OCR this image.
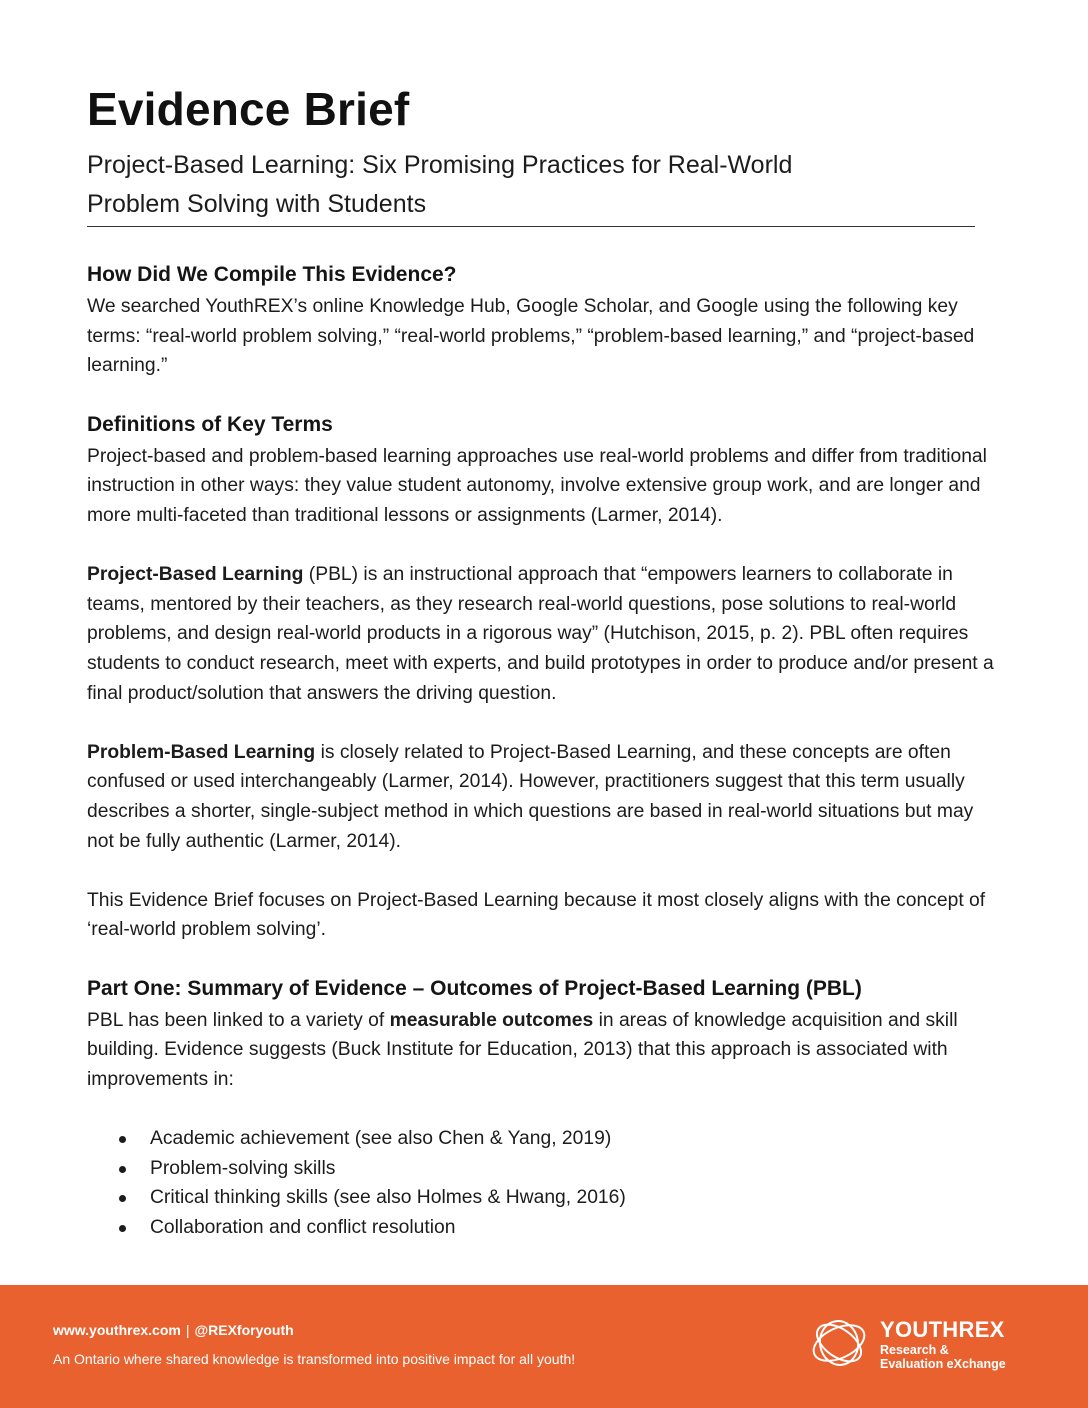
Evidence Brief
Project-Based Learning: Six Promising Practices for Real-World
Problem Solving with Students
How Did We Compile This Evidence?

We searched YouthREX’s online Knowledge Hub, Google Scholar, and Google using the following key terms: “real-world problem solving,” “real-world problems,” “problem-based learning,” and “project-based learning.”

Definitions of Key Terms

Project-based and problem-based learning approaches use real-world problems and differ from traditional instruction in other ways: they value student autonomy, involve extensive group work, and are longer and more multi-faceted than traditional lessons or assignments (Larmer, 2014).

Project-Based Learning (PBL) is an instructional approach that “empowers learners to collaborate in teams, mentored by their teachers, as they research real-world questions, pose solutions to real-world problems, and design real-world products in a rigorous way” (Hutchison, 2015, p. 2). PBL often requires students to conduct research, meet with experts, and build prototypes in order to produce and/or present a final product/solution that answers the driving question.

Problem-Based Learning is closely related to Project-Based Learning, and these concepts are often confused or used interchangeably (Larmer, 2014). However, practitioners suggest that this term usually describes a shorter, single-subject method in which questions are based in real-world situations but may not be fully authentic (Larmer, 2014).

This Evidence Brief focuses on Project-Based Learning because it most closely aligns with the concept of ‘real-world problem solving’.

Part One: Summary of Evidence – Outcomes of Project-Based Learning (PBL)

PBL has been linked to a variety of measurable outcomes in areas of knowledge acquisition and skill building. Evidence suggests (Buck Institute for Education, 2013) that this approach is associated with improvements in:

Academic achievement (see also Chen & Yang, 2019)
Problem-solving skills
Critical thinking skills (see also Holmes & Hwang, 2016)
Collaboration and conflict resolution
www.youthrex.com | @REXforyouth
An Ontario where shared knowledge is transformed into positive impact for all youth!
YOUTHREX
Research &
Evaluation eXchange
